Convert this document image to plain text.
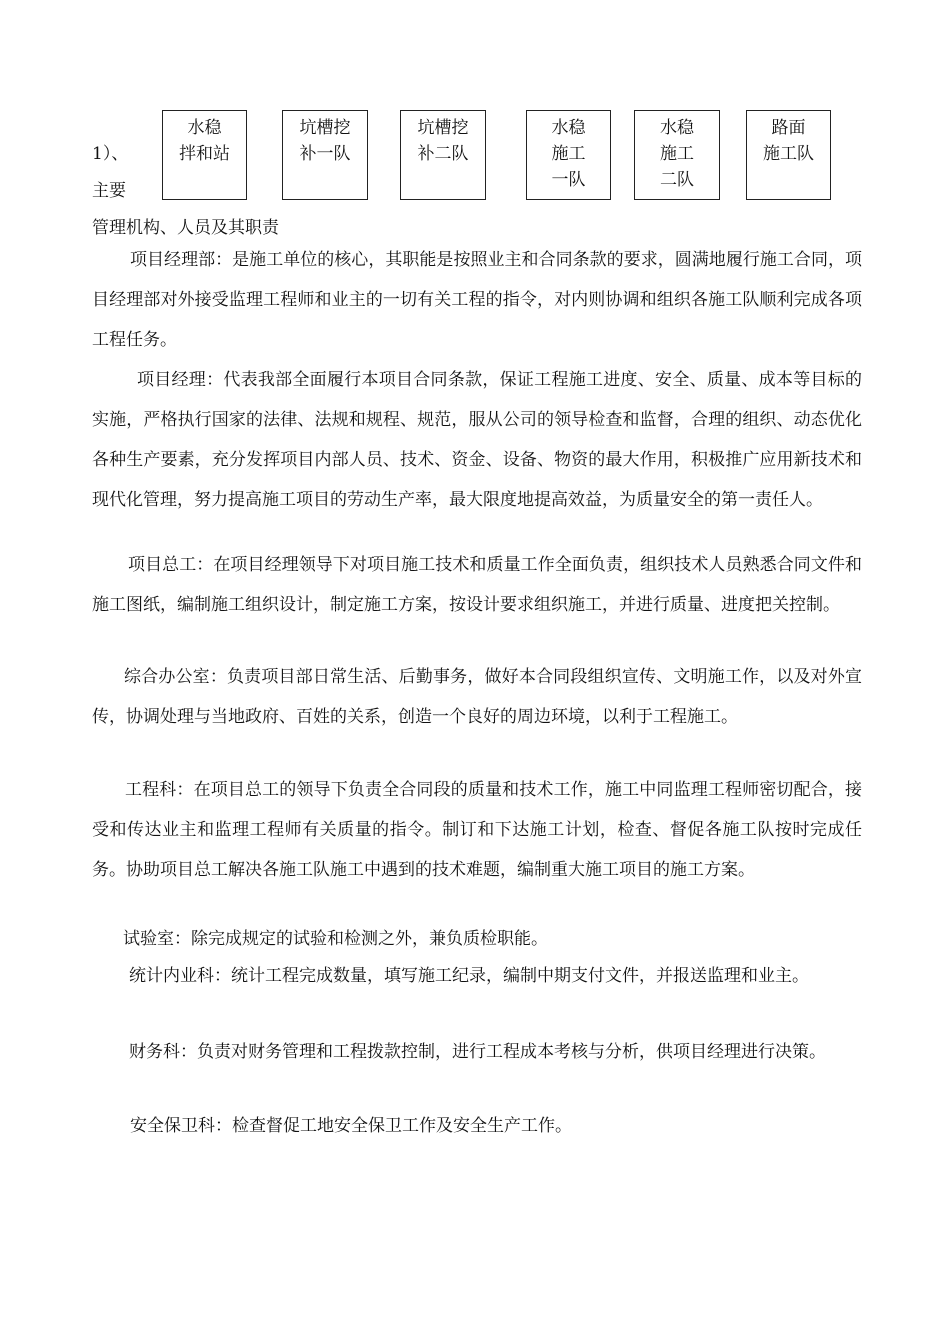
水稳
拌和站
坑槽挖
补一队
坑槽挖
补二队
水稳
施工
一队
水稳
施工
二队
路面
施工队
1）、
主要
管理机构、人员及其职责
项目经理部：是施工单位的核心，其职能是按照业主和合同条款的要求，圆满地履行施工合同，项目经理部对外接受监理工程师和业主的一切有关工程的指令，对内则协调和组织各施工队顺利完成各项工程任务。
项目经理：代表我部全面履行本项目合同条款，保证工程施工进度、安全、质量、成本等目标的实施，严格执行国家的法律、法规和规程、规范，服从公司的领导检查和监督，合理的组织、动态优化各种生产要素，充分发挥项目内部人员、技术、资金、设备、物资的最大作用，积极推广应用新技术和现代化管理，努力提高施工项目的劳动生产率，最大限度地提高效益，为质量安全的第一责任人。
项目总工：在项目经理领导下对项目施工技术和质量工作全面负责，组织技术人员熟悉合同文件和施工图纸，编制施工组织设计，制定施工方案，按设计要求组织施工，并进行质量、进度把关控制。
综合办公室：负责项目部日常生活、后勤事务，做好本合同段组织宣传、文明施工作，以及对外宣传，协调处理与当地政府、百姓的关系，创造一个良好的周边环境，以利于工程施工。
工程科：在项目总工的领导下负责全合同段的质量和技术工作，施工中同监理工程师密切配合，接受和传达业主和监理工程师有关质量的指令。制订和下达施工计划，检查、督促各施工队按时完成任务。协助项目总工解决各施工队施工中遇到的技术难题，编制重大施工项目的施工方案。
试验室：除完成规定的试验和检测之外，兼负质检职能。
统计内业科：统计工程完成数量，填写施工纪录，编制中期支付文件，并报送监理和业主。
财务科：负责对财务管理和工程拨款控制，进行工程成本考核与分析，供项目经理进行决策。
安全保卫科：检查督促工地安全保卫工作及安全生产工作。
